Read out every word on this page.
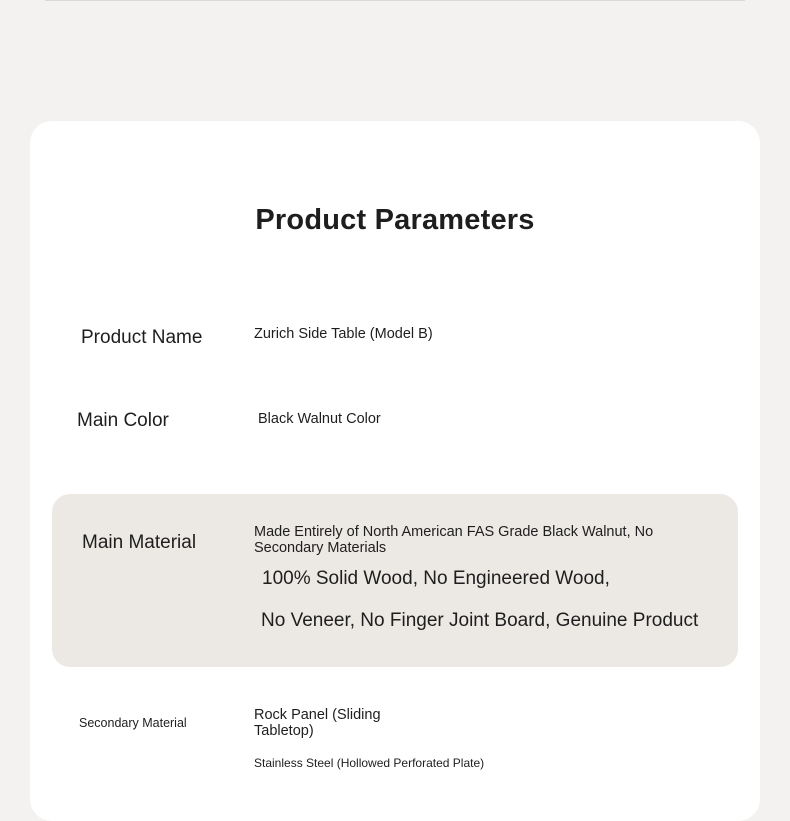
Product Parameters
Product Name	Zurich Side Table (Model B)
Main Color	Black Walnut Color
Main Material	Made Entirely of North American FAS Grade Black Walnut, No Secondary Materials
100% Solid Wood, No Engineered Wood,
No Veneer, No Finger Joint Board, Genuine Product
Secondary Material	Rock Panel (Sliding Tabletop)
Stainless Steel (Hollowed Perforated Plate)
